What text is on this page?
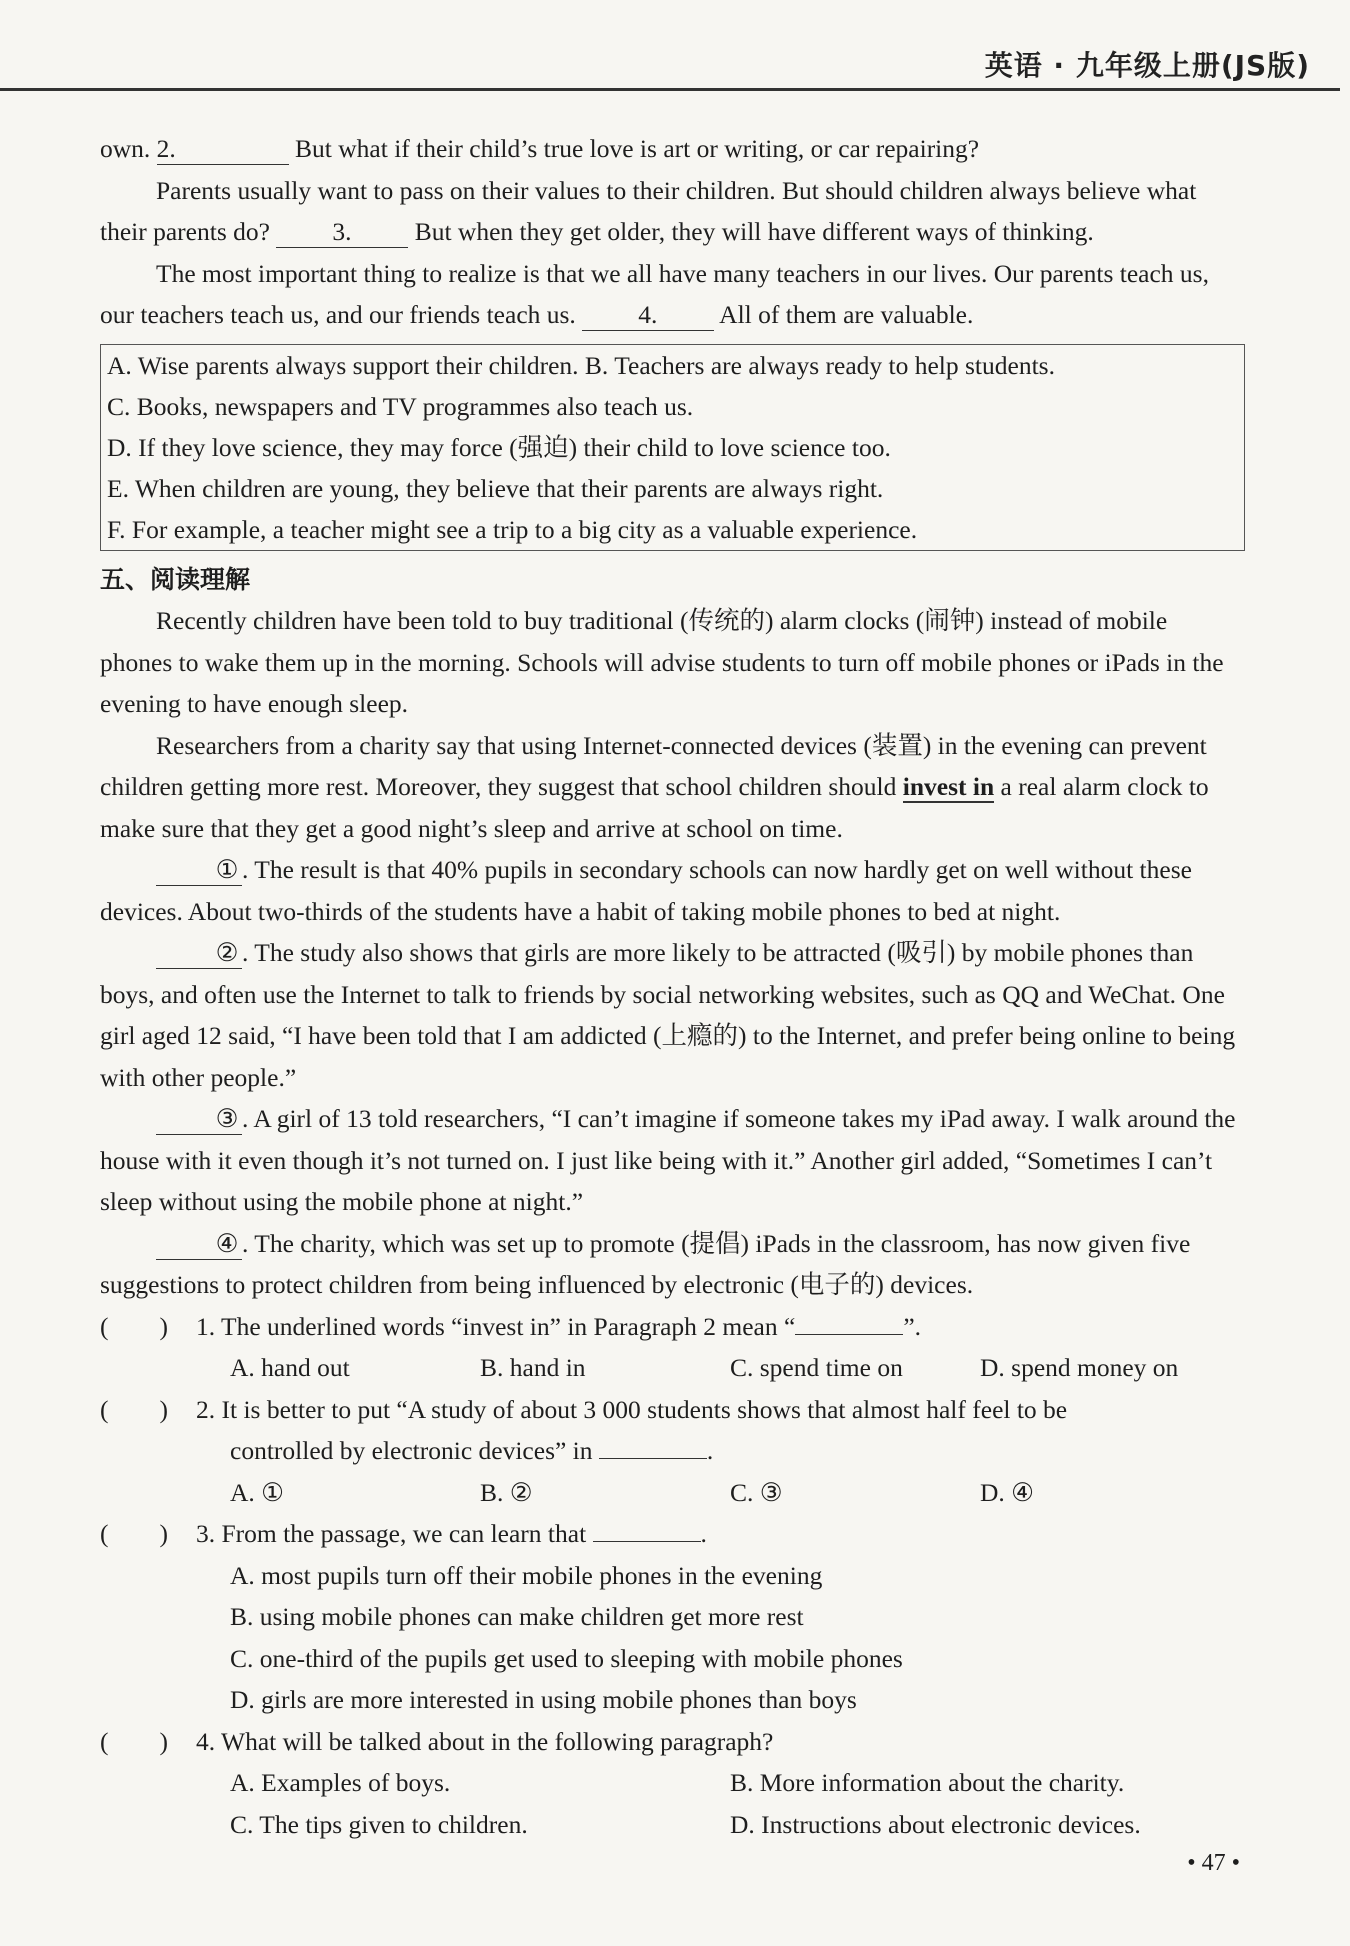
英语 · 九年级上册(JS版)

own. 2.	But what if their child’s true love is art or writing, or car repairing?

Parents usually want to pass on their values to their children. But should children always believe what their parents do? 3. But when they get older, they will have different ways of thinking.

The most important thing to realize is that we all have many teachers in our lives. Our parents teach us, our teachers teach us, and our friends teach us. 4. All of them are valuable.

A. Wise parents always support their children. B. Teachers are always ready to help students.
C. Books, newspapers and TV programmes also teach us.
D. If they love science, they may force (强迫) their child to love science too.
E. When children are young, they believe that their parents are always right.
F. For example, a teacher might see a trip to a big city as a valuable experience.
五、阅读理解

Recently children have been told to buy traditional (传统的) alarm clocks (闹钟) instead of mobile phones to wake them up in the morning. Schools will advise students to turn off mobile phones or iPads in the evening to have enough sleep.

Researchers from a charity say that using Internet-connected devices (装置) in the evening can prevent children getting more rest. Moreover, they suggest that school children should invest in a real alarm clock to make sure that they get a good night’s sleep and arrive at school on time.

① . The result is that 40% pupils in secondary schools can now hardly get on well without these devices. About two-thirds of the students have a habit of taking mobile phones to bed at night.

② . The study also shows that girls are more likely to be attracted (吸引) by mobile phones than boys, and often use the Internet to talk to friends by social networking websites, such as QQ and WeChat. One girl aged 12 said, “I have been told that I am addicted (上瘾的) to the Internet, and prefer being online to being with other people.”

③ . A girl of 13 told researchers, “I can’t imagine if someone takes my iPad away. I walk around the house with it even though it’s not turned on. I just like being with it.” Another girl added, “Sometimes I can’t sleep without using the mobile phone at night.”

④ . The charity, which was set up to promote (提倡) iPads in the classroom, has now given five suggestions to protect children from being influenced by electronic (电子的) devices.

(　　) 1. The underlined words “invest in” in Paragraph 2 mean “	”.
A. hand out	B. hand in	C. spend time on	D. spend money on
(　　) 2. It is better to put “A study of about 3 000 students shows that almost half feel to be
controlled by electronic devices” in	.
A. ①	B. ②	C. ③	D. ④
(　　) 3. From the passage, we can learn that	.
A. most pupils turn off their mobile phones in the evening
B. using mobile phones can make children get more rest
C. one-third of the pupils get used to sleeping with mobile phones
D. girls are more interested in using mobile phones than boys
(　　) 4. What will be talked about in the following paragraph?
A. Examples of boys.	B. More information about the charity.
C. The tips given to children.	D. Instructions about electronic devices.
• 47 •
